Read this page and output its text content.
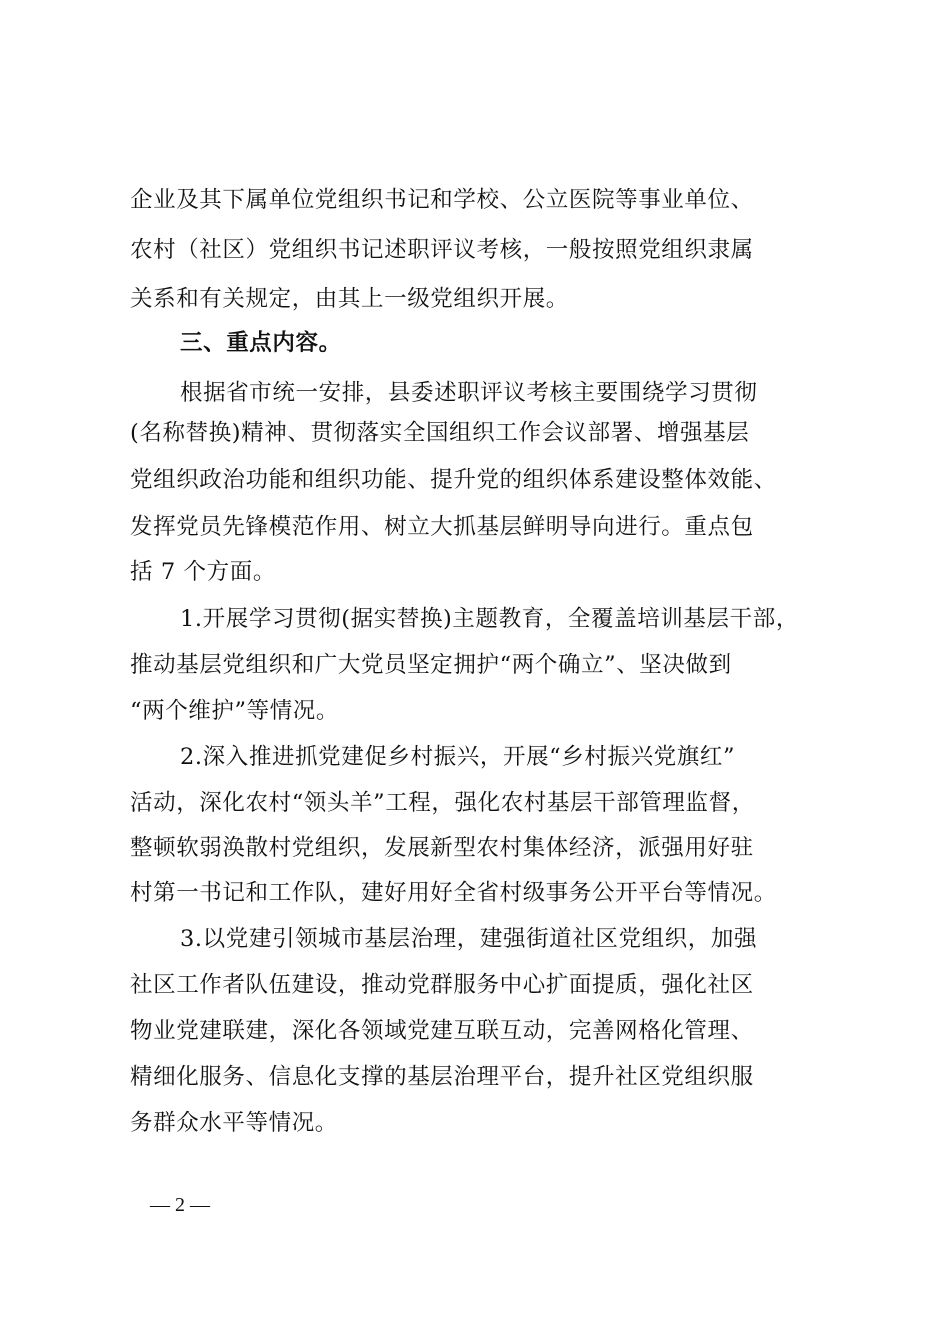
企业及其下属单位党组织书记和学校、公立医院等事业单位、
农村（社区）党组织书记述职评议考核，一般按照党组织隶属
关系和有关规定，由其上一级党组织开展。
三、重点内容。
根据省市统一安排，县委述职评议考核主要围绕学习贯彻
(名称替换)精神、贯彻落实全国组织工作会议部署、增强基层
党组织政治功能和组织功能、提升党的组织体系建设整体效能、
发挥党员先锋模范作用、树立大抓基层鲜明导向进行。重点包
括 7 个方面。
1.开展学习贯彻(据实替换)主题教育，全覆盖培训基层干部，
推动基层党组织和广大党员坚定拥护“两个确立”、坚决做到
“两个维护”等情况。
2.深入推进抓党建促乡村振兴，开展“乡村振兴党旗红”
活动，深化农村“领头羊”工程，强化农村基层干部管理监督，
整顿软弱涣散村党组织，发展新型农村集体经济，派强用好驻
村第一书记和工作队，建好用好全省村级事务公开平台等情况。
3.以党建引领城市基层治理，建强街道社区党组织，加强
社区工作者队伍建设，推动党群服务中心扩面提质，强化社区
物业党建联建，深化各领域党建互联互动，完善网格化管理、
精细化服务、信息化支撑的基层治理平台，提升社区党组织服
务群众水平等情况。
— 2 —
